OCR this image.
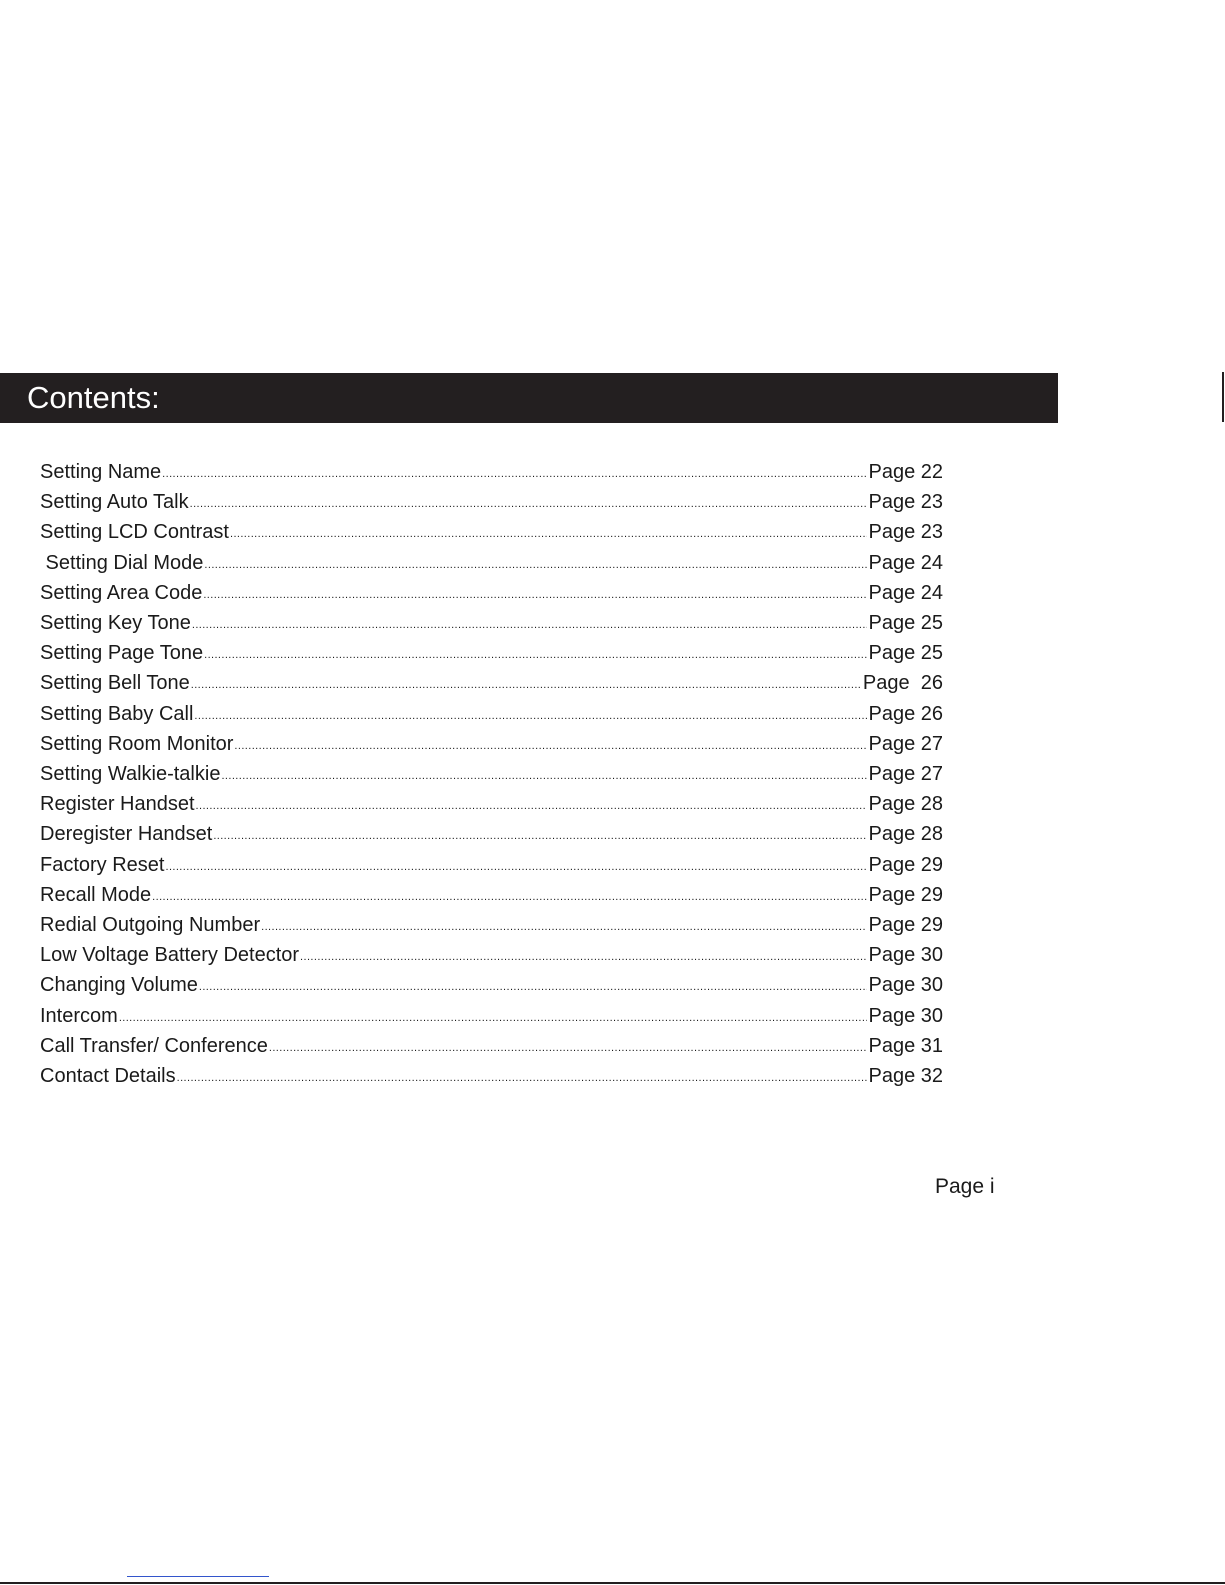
Contents:
Setting Name .....	Page 22
Setting Auto Talk .....	Page 23
Setting LCD Contrast .....	Page 23
Setting Dial Mode .....	Page 24
Setting Area Code .....	Page 24
Setting Key Tone .....	Page 25
Setting Page Tone .....	Page 25
Setting Bell Tone .....	Page  26
Setting Baby Call .....	Page 26
Setting Room Monitor .....	Page 27
Setting Walkie-talkie .....	Page 27
Register Handset .....	Page 28
Deregister Handset .....	Page 28
Factory Reset .....	Page 29
Recall Mode .....	Page 29
Redial Outgoing Number .....	Page 29
Low Voltage Battery Detector .....	Page 30
Changing Volume .....	Page 30
Intercom .....	Page 30
Call Transfer/ Conference .....	Page 31
Contact Details .....	Page 32
Page i
